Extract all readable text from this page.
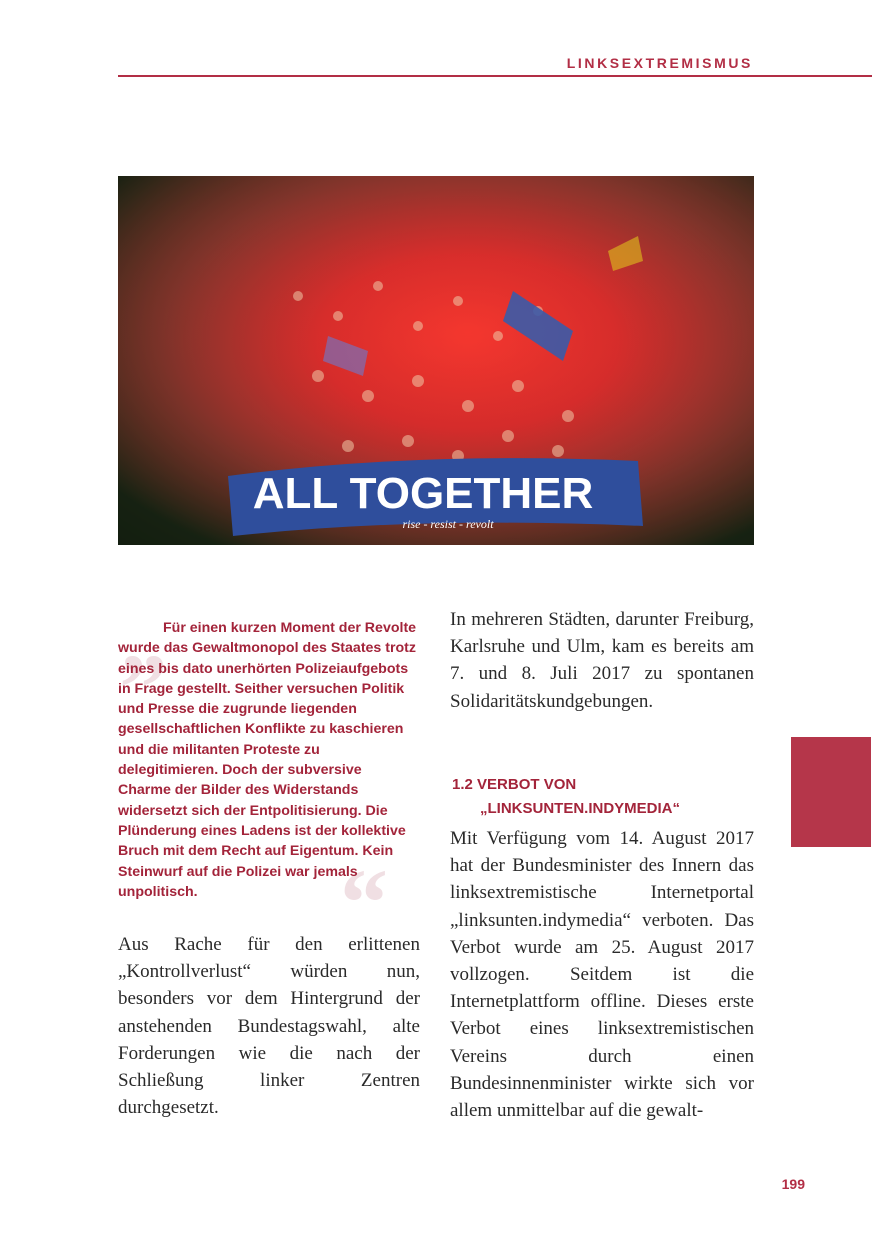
LINKSEXTREMISMUS
ALL TOGETHER
rise - resist - revolt
„
“

Für einen kurzen Moment der Revolte wurde das Gewaltmonopol des Staates trotz eines bis dato unerhörten Polizeiaufgebots in Frage gestellt. Seither versuchen Politik und Presse die zugrunde liegenden gesellschaftlichen Konflikte zu kaschieren und die militanten Proteste zu delegitimieren. Doch der subversive Charme der Bilder des Widerstands widersetzt sich der Entpolitisierung. Die Plünderung eines Ladens ist der kollektive Bruch mit dem Recht auf Eigentum. Kein Steinwurf auf die Polizei war jemals unpolitisch.

Aus Rache für den erlittenen „Kontrollverlust“ würden nun, besonders vor dem Hintergrund der anstehenden Bundestagswahl, alte Forderungen wie die nach der Schließung linker Zentren durchgesetzt.

In mehreren Städten, darunter Freiburg, Karlsruhe und Ulm, kam es bereits am 7. und 8. Juli 2017 zu spontanen Solidaritätskundgebungen.

1.2 VERBOT VON
„LINKSUNTEN.INDYMEDIA“

Mit Verfügung vom 14. August 2017 hat der Bundesminister des Innern das linksextremistische Internetportal „linksunten.indymedia“ verboten. Das Verbot wurde am 25. August 2017 vollzogen. Seitdem ist die Internetplattform offline. Dieses erste Verbot eines linksextremistischen Vereins durch einen Bundesinnenminister wirkte sich vor allem unmittelbar auf die gewalt-

199
